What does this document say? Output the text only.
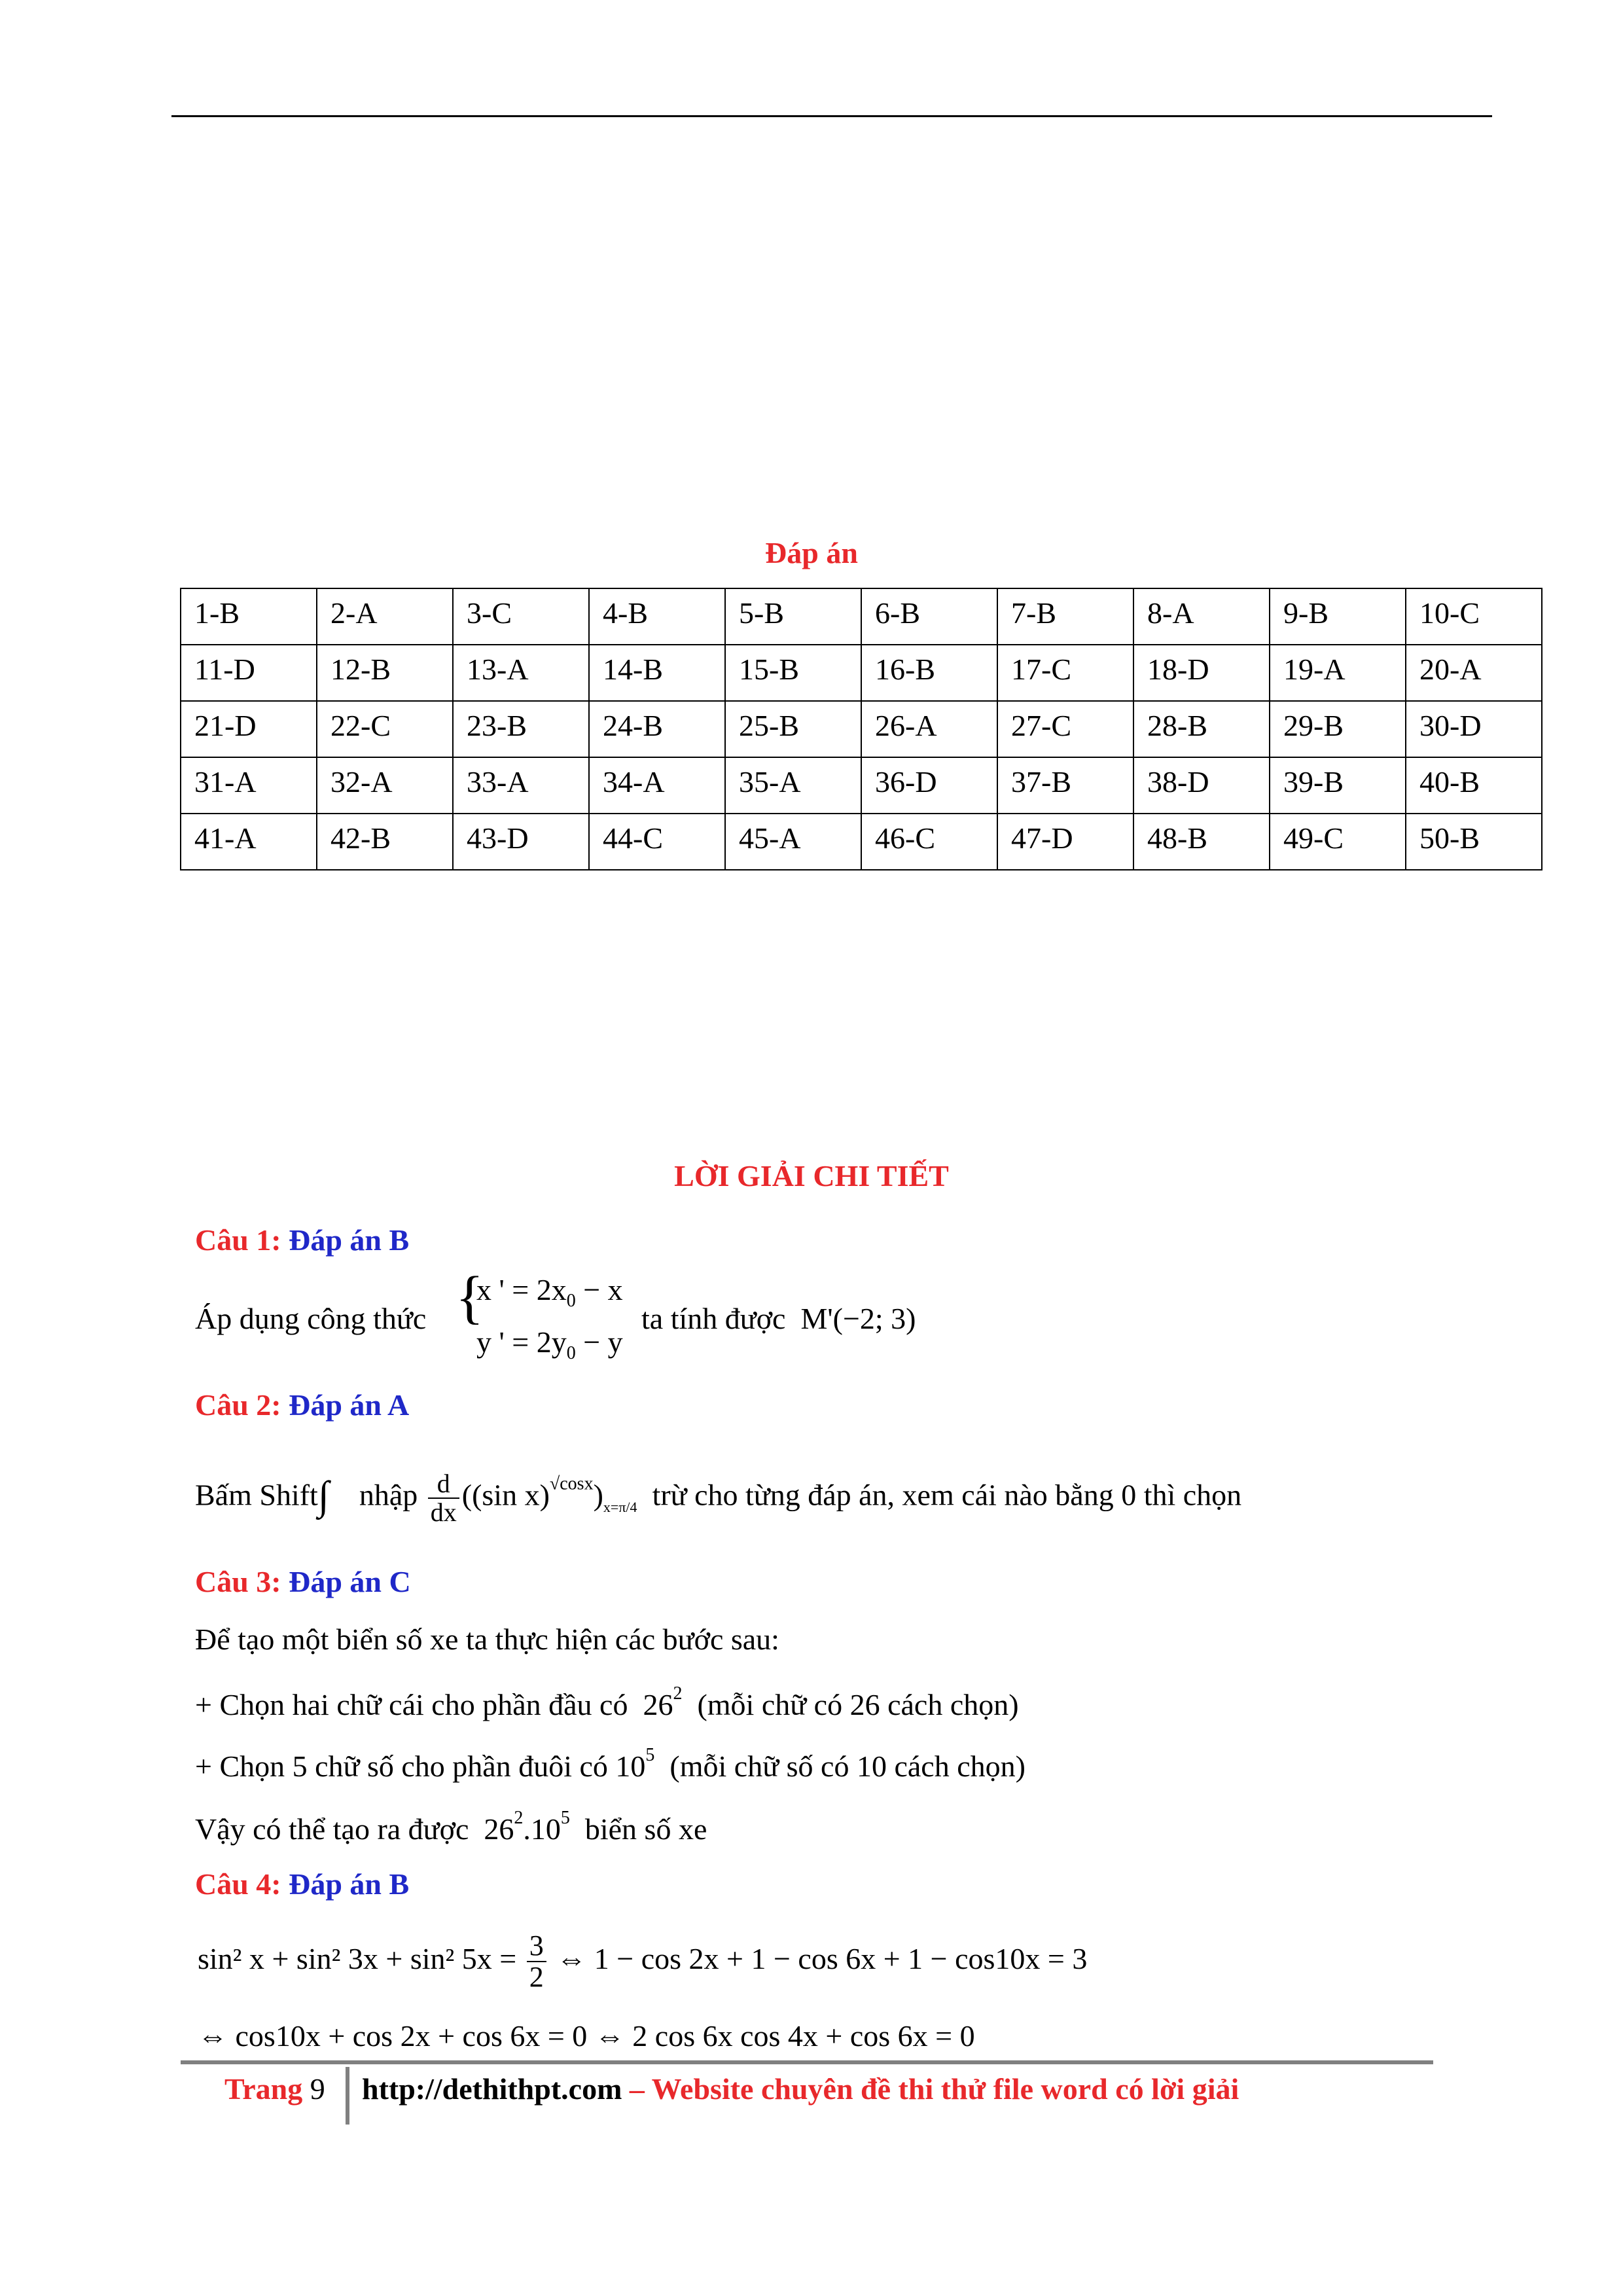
Đáp án
1-B	2-A	3-C	4-B	5-B	6-B	7-B	8-A	9-B	10-C
11-D	12-B	13-A	14-B	15-B	16-B	17-C	18-D	19-A	20-A
21-D	22-C	23-B	24-B	25-B	26-A	27-C	28-B	29-B	30-D
31-A	32-A	33-A	34-A	35-A	36-D	37-B	38-D	39-B	40-B
41-A	42-B	43-D	44-C	45-A	46-C	47-D	48-B	49-C	50-B
LỜI GIẢI CHI TIẾT
Câu 1: Đáp án B
Áp dụng công thức {
x ' = $2x_0 - x$
y ' = $2y_0 - y$
ta tính được M'(−2; 3)
Câu 2: Đáp án A
Bấm Shift∫ nhập $\frac{d}{dx} ((\sin$ $x)^{√cosx})_{x=\pi/4}$ trừ cho từng đáp án, xem cái nào bằng 0 thì chọn
Câu 3: Đáp án C
Để tạo một biển số xe ta thực hiện các bước sau:
+ Chọn hai chữ cái cho phần đầu có $26^2$ (mỗi chữ có 26 cách chọn)
+ Chọn 5 chữ số cho phần đuôi có $10^5$ (mỗi chữ số có 10 cách chọn)
Vậy có thể tạo ra được $26^2.10^5$ biển số xe
Câu 4: Đáp án B
sin² x + sin² 3x + sin² $5x = \frac{3}{2}$ ⇔ 1 − cos 2x + 1 − cos 6x + 1 − cos10x = 3
⇔ cos10x + cos 2x + cos 6x = 0 ⇔ 2 cos 6x cos 4x + cos 6x = 0
Trang 9 http://dethithpt.com – Website chuyên đề thi thử file word có lời giải
